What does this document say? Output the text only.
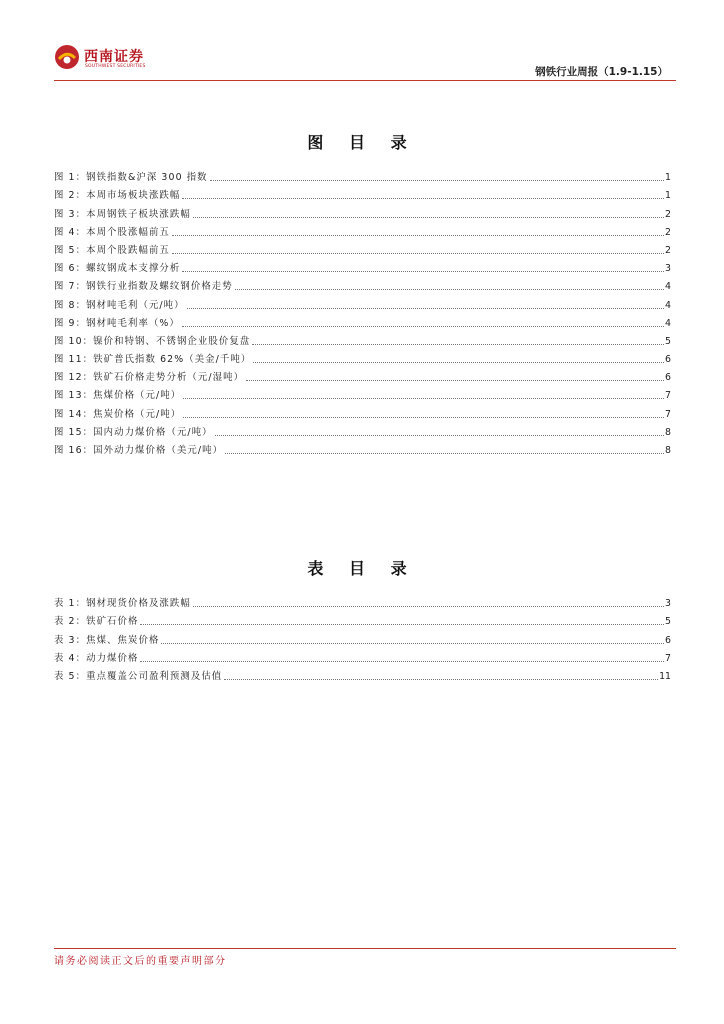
西南证券
SOUTHWEST SECURITIES	钢铁行业周报（1.9-1.15）
图 目 录
图 1：钢铁指数&沪深 300 指数	1
图 2：本周市场板块涨跌幅	1
图 3：本周钢铁子板块涨跌幅	2
图 4：本周个股涨幅前五	2
图 5：本周个股跌幅前五	2
图 6：螺纹钢成本支撑分析	3
图 7：钢铁行业指数及螺纹钢价格走势	4
图 8：钢材吨毛利（元/吨）	4
图 9：钢材吨毛利率（%）	4
图 10：镍价和特钢、不锈钢企业股价复盘	5
图 11：铁矿普氏指数 62%（美金/千吨）	6
图 12：铁矿石价格走势分析（元/湿吨）	6
图 13：焦煤价格（元/吨）	7
图 14：焦炭价格（元/吨）	7
图 15：国内动力煤价格（元/吨）	8
图 16：国外动力煤价格（美元/吨）	8
表 目 录
表 1：钢材现货价格及涨跌幅	3
表 2：铁矿石价格	5
表 3：焦煤、焦炭价格	6
表 4：动力煤价格	7
表 5：重点覆盖公司盈利预测及估值	11
请务必阅读正文后的重要声明部分
